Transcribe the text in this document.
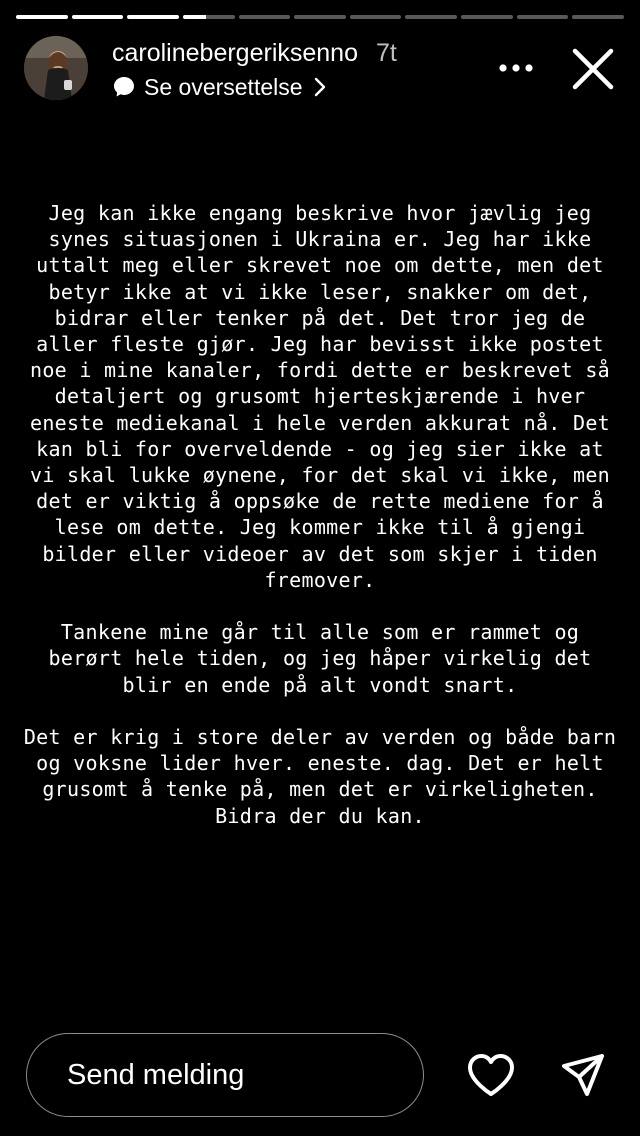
carolinebergeriksenno 7t
Se oversettelse

Jeg kan ikke engang beskrive hvor jævlig jeg synes situasjonen i Ukraina er. Jeg har ikke uttalt meg eller skrevet noe om dette, men det betyr ikke at vi ikke leser, snakker om det, bidrar eller tenker på det. Det tror jeg de aller fleste gjør. Jeg har bevisst ikke postet noe i mine kanaler, fordi dette er beskrevet så detaljert og grusomt hjerteskjærende i hver eneste mediekanal i hele verden akkurat nå. Det kan bli for overveldende - og jeg sier ikke at vi skal lukke øynene, for det skal vi ikke, men det er viktig å oppsøke de rette mediene for å lese om dette. Jeg kommer ikke til å gjengi bilder eller videoer av det som skjer i tiden fremover.

Tankene mine går til alle som er rammet og berørt hele tiden, og jeg håper virkelig det blir en ende på alt vondt snart.

Det er krig i store deler av verden og både barn og voksne lider hver. eneste. dag. Det er helt grusomt å tenke på, men det er virkeligheten. Bidra der du kan.

Send melding
